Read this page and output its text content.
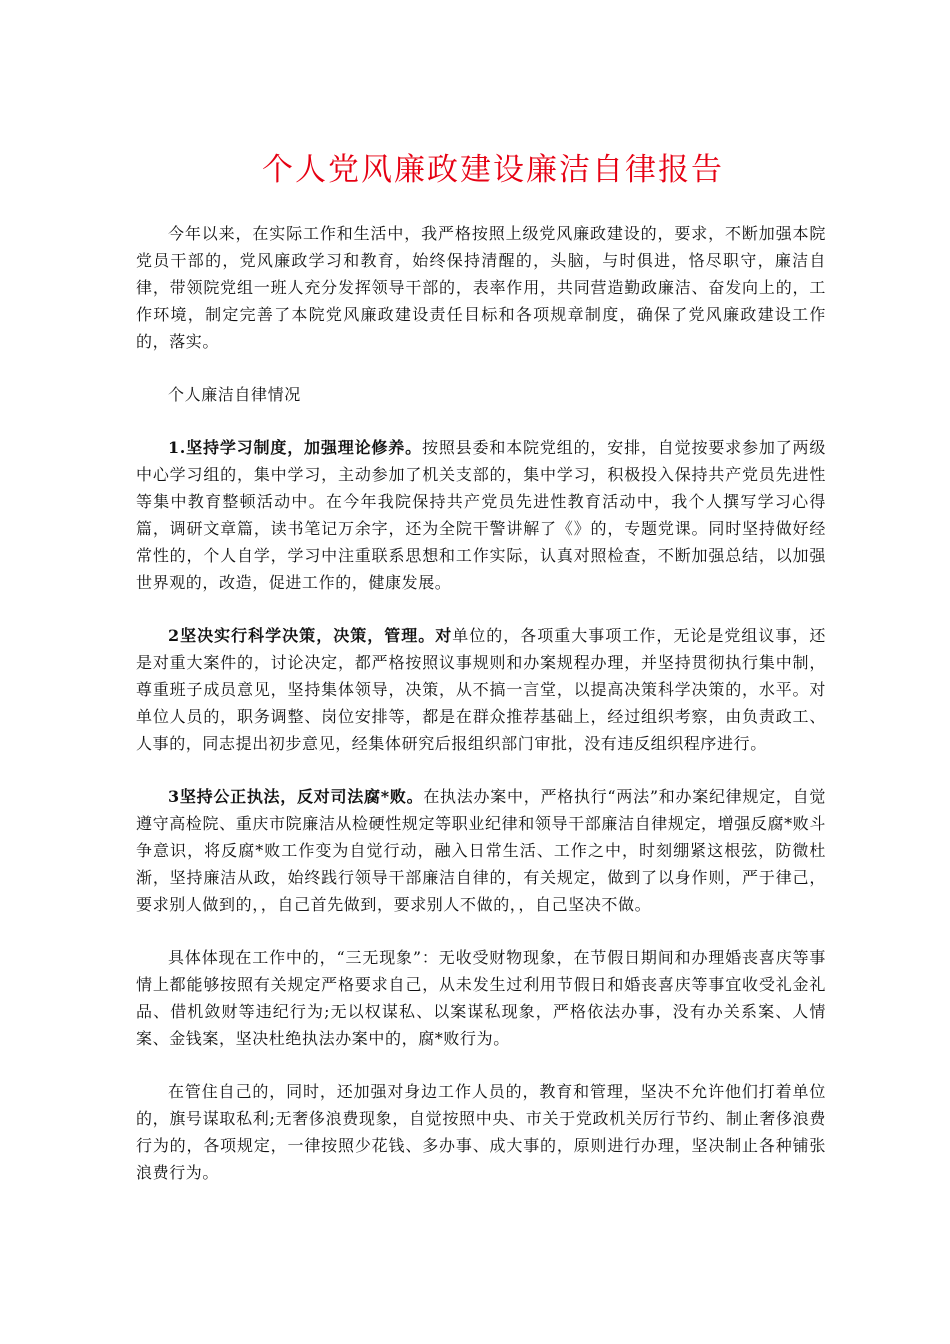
个人党风廉政建设廉洁自律报告

今年以来，在实际工作和生活中，我严格按照上级党风廉政建设的，要求，不断加强本院党员干部的，党风廉政学习和教育，始终保持清醒的，头脑，与时俱进，恪尽职守，廉洁自律，带领院党组一班人充分发挥领导干部的，表率作用，共同营造勤政廉洁、奋发向上的，工作环境，制定完善了本院党风廉政建设责任目标和各项规章制度，确保了党风廉政建设工作的，落实。

个人廉洁自律情况

1.坚持学习制度，加强理论修养。按照县委和本院党组的，安排，自觉按要求参加了两级中心学习组的，集中学习，主动参加了机关支部的，集中学习，积极投入保持共产党员先进性等集中教育整顿活动中。在今年我院保持共产党员先进性教育活动中，我个人撰写学习心得篇，调研文章篇，读书笔记万余字，还为全院干警讲解了《》的，专题党课。同时坚持做好经常性的，个人自学，学习中注重联系思想和工作实际，认真对照检查，不断加强总结，以加强世界观的，改造，促进工作的，健康发展。

2坚决实行科学决策，决策，管理。对单位的，各项重大事项工作，无论是党组议事，还是对重大案件的，讨论决定，都严格按照议事规则和办案规程办理，并坚持贯彻执行集中制，尊重班子成员意见，坚持集体领导，决策，从不搞一言堂，以提高决策科学决策的，水平。对单位人员的，职务调整、岗位安排等，都是在群众推荐基础上，经过组织考察，由负责政工、人事的，同志提出初步意见，经集体研究后报组织部门审批，没有违反组织程序进行。

3坚持公正执法，反对司法腐*败。在执法办案中，严格执行“两法”和办案纪律规定，自觉遵守高检院、重庆市院廉洁从检硬性规定等职业纪律和领导干部廉洁自律规定，增强反腐*败斗争意识，将反腐*败工作变为自觉行动，融入日常生活、工作之中，时刻绷紧这根弦，防微杜渐，坚持廉洁从政，始终践行领导干部廉洁自律的，有关规定，做到了以身作则，严于律己，要求别人做到的，，自己首先做到，要求别人不做的，，自己坚决不做。

具体体现在工作中的，“三无现象”：无收受财物现象，在节假日期间和办理婚丧喜庆等事情上都能够按照有关规定严格要求自己，从未发生过利用节假日和婚丧喜庆等事宜收受礼金礼品、借机敛财等违纪行为;无以权谋私、以案谋私现象，严格依法办事，没有办关系案、人情案、金钱案，坚决杜绝执法办案中的，腐*败行为。

在管住自己的，同时，还加强对身边工作人员的，教育和管理，坚决不允许他们打着单位的，旗号谋取私利;无奢侈浪费现象，自觉按照中央、市关于党政机关厉行节约、制止奢侈浪费行为的，各项规定，一律按照少花钱、多办事、成大事的，原则进行办理，坚决制止各种铺张浪费行为。
